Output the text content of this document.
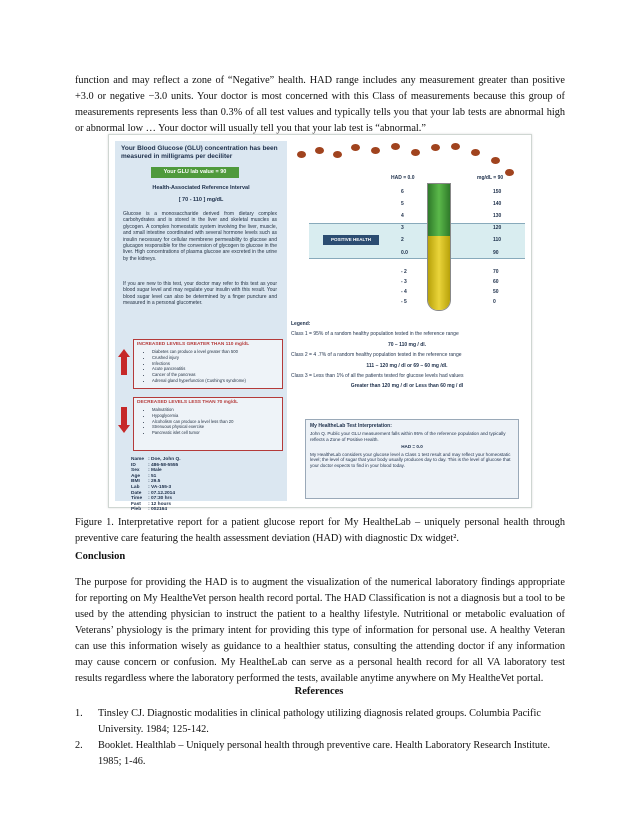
function and may reflect a zone of “Negative” health. HAD range includes any measurement greater than positive +3.0 or negative −3.0 units. Your doctor is most concerned with this Class of measurements because this group of measurements represents less than 0.3% of all test values and typically tells you that your lab tests are abnormal high or abnormal low … Your doctor will usually tell you that your lab test is “abnormal.”

Your Blood Glucose (GLU) concentration has been measured in milligrams per deciliter
Your GLU lab value = 90
Health-Associated Reference Interval
[ 70 - 110 ] mg/dL
Glucose is a monosaccharide derived from dietary complex carbohydrates and is stored in the liver and skeletal muscles as glycogen. A complex homeostatic system involving the liver, muscle, and small intestine coordinated with several hormone levels such as insulin necessary for cellular membrene permeability to glucose and glucagon responsible for the conversion of glycogen to glucose in the liver. High concentrations of plasma glucose are excreted in the urine by the kidneys.
If you are new to this test, your doctor may refer to this test as your blood sugar level and may regulate your insulin with this result. Your blood sugar level can also be determined by a finger puncture and measured in a personal glucometer.
INCREASED LEVELS GREATER THAN 110 mg/dL
• Diabetes can produce a level greater than 500
• Crushed injury
• Infections
• Acute pancreatitis
• Cancer of the pancreas
• Adrenal gland hyperfunction (Cushing's syndrome)
DECREASED LEVELS LESS THAN 70 mg/dL
• Malnutrition
• Hypoglycemia
• Alcoholism can produce a level less than 20
• Strenuous physical exercise
• Pancreatic islet cell tumor
Name	: Doe, John Q.
ID	: 486-58-5555
Sex	: Male
Age	: 51
BMI	: 29.5
Lab	: VA-155-3
Date	: 07.12.2014
Time	: 07:30 hrs
Fast	: 12 hours
Pleb	: 002164
POSITIVE HEALTH
HAD = 0.0	mg/dL = 90
6	150
5	140
4	130
3	120
2	110
0.0	90
- 2	70
- 3	60
- 4	50
- 5	0

Legend:

Class 1 = 95% of a random healthy population tested in the reference range

70 – 110 mg / dl.

Class 2 = 4 .7% of a random healthy population tested in the reference range

111 – 120 mg / dl or 69 – 60 mg /dl.

Class 3 = Less than 1% of all the patients tested for glucose levels had values

Greater than 120 mg / dl or Less than 60 mg / dl

My HealtheLab Test Interpretation:

John Q. Public your GLU measurement falls within 95% of the reference population and typically reflects a Zone of Positive Health.

HAD = 0.0

My HealtheLab considers your glucose level a Class 1 test result and may reflect your homeostatic level; the level of sugar that your body usually produces day to day. This is the level of glucose that your doctor expects to find in your blood today.

Figure 1. Interpretative report for a patient glucose report for My HealtheLab – uniquely personal health through preventive care featuring the health assessment deviation (HAD) with diagnostic Dx widget².

Conclusion

The purpose for providing the HAD is to augment the visualization of the numerical laboratory findings appropriate for reporting on My HealtheVet person health record portal. The HAD Classification is not a diagnosis but a tool to be used by the attending physician to instruct the patient to a healthy lifestyle. Nutritional or metabolic evaluation of Veterans’ physiology is the primary intent for providing this type of information for personal use. A healthy Veteran can use this information wisely as guidance to a healthier status, consulting the attending doctor if any information may cause concern or confusion. My HealtheLab can serve as a personal health record for all VA laboratory test results regardless where the laboratory performed the tests, available anytime anywhere on My HealtheVet portal.

References

1. Tinsley CJ. Diagnostic modalities in clinical pathology utilizing diagnosis related groups. Columbia Pacific University. 1984; 125-142.
2. Booklet. Healthlab – Uniquely personal health through preventive care. Health Laboratory Research Institute. 1985; 1-46.
